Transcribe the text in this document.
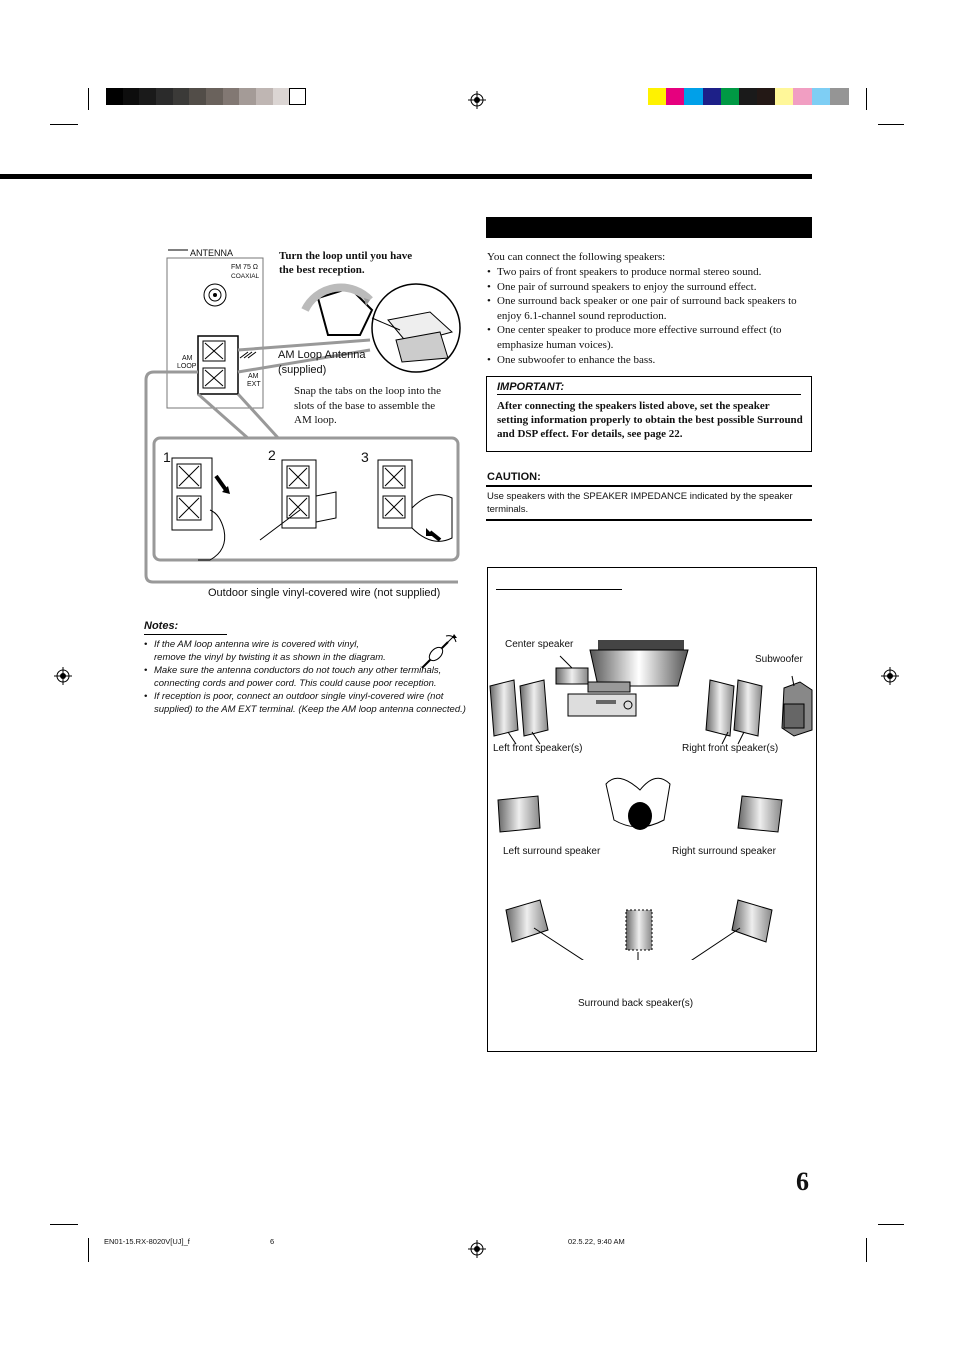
ANTENNA
FM 75 Ω
COAXIAL
AM
LOOP
AM
EXT
Turn the loop until you have
the best reception.
AM Loop Antenna
(supplied)
Snap the tabs on the loop into the
slots of the base to assemble the
AM loop.
1	2	3
Outdoor single vinyl-covered wire (not supplied)
Notes:
• If the AM loop antenna wire is covered with vinyl, remove the vinyl by twisting it as shown in the diagram.
• Make sure the antenna conductors do not touch any other terminals, connecting cords and power cord. This could cause poor reception.
• If reception is poor, connect an outdoor single vinyl-covered wire (not supplied) to the AM EXT terminal. (Keep the AM loop antenna connected.)
You can connect the following speakers:
• Two pairs of front speakers to produce normal stereo sound.
• One pair of surround speakers to enjoy the surround effect.
• One surround back speaker or one pair of surround back speakers to enjoy 6.1-channel sound reproduction.
• One center speaker to produce more effective surround effect (to emphasize human voices).
• One subwoofer to enhance the bass.
IMPORTANT:
After connecting the speakers listed above, set the speaker setting information properly to obtain the best possible Surround and DSP effect. For details, see page 22.
CAUTION:
Use speakers with the SPEAKER IMPEDANCE indicated by the speaker terminals.
Center speaker
Subwoofer
Left front speaker(s)	Right front speaker(s)
Left surround speaker	Right surround speaker
Surround back speaker(s)
6
EN01-15.RX-8020V[UJ]_f	6	02.5.22, 9:40 AM
